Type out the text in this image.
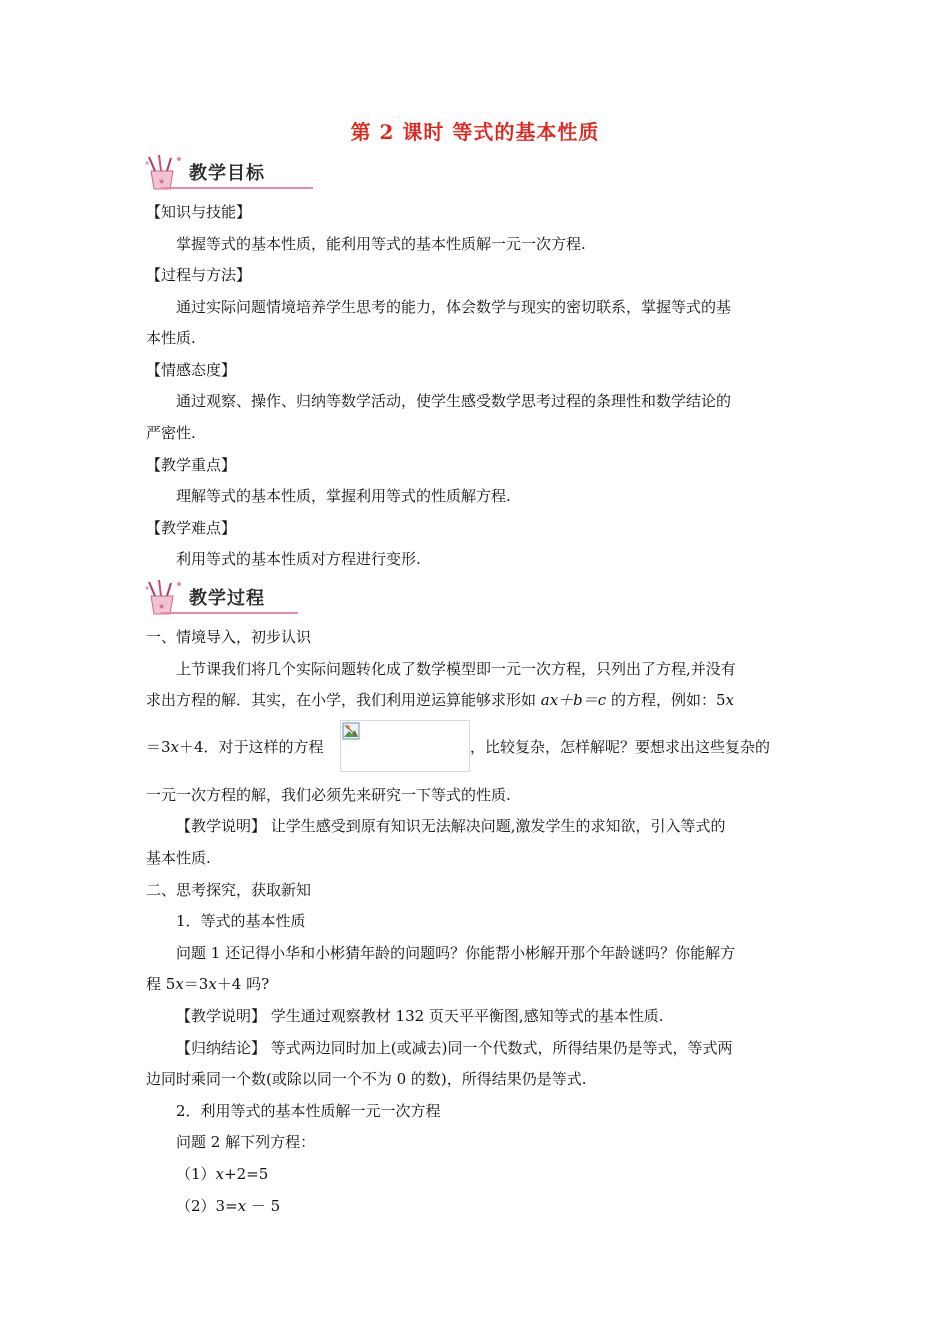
第 2 课时 等式的基本性质
★ 教学目标
【知识与技能】
掌握等式的基本性质，能利用等式的基本性质解一元一次方程.
【过程与方法】
通过实际问题情境培养学生思考的能力，体会数学与现实的密切联系，掌握等式的基
本性质.
【情感态度】
通过观察、操作、归纳等数学活动，使学生感受数学思考过程的条理性和数学结论的
严密性.
【教学重点】
理解等式的基本性质，掌握利用等式的性质解方程.
【教学难点】
利用等式的基本性质对方程进行变形.
★ 教学过程
一、情境导入，初步认识
上节课我们将几个实际问题转化成了数学模型即一元一次方程，只列出了方程,并没有
求出方程的解．其实，在小学，我们利用逆运算能够求形如 ax＋b＝c 的方程，例如：5x
＝3x＋4．对于这样的方程	，比较复杂，怎样解呢？要想求出这些复杂的
一元一次方程的解，我们必须先来研究一下等式的性质.
【教学说明】 让学生感受到原有知识无法解决问题,激发学生的求知欲，引入等式的
基本性质.
二、思考探究，获取新知
1．等式的基本性质
问题 1 还记得小华和小彬猜年龄的问题吗？你能帮小彬解开那个年龄谜吗？你能解方
程 5x＝3x＋4 吗?
【教学说明】 学生通过观察教材 132 页天平平衡图,感知等式的基本性质.
【归纳结论】 等式两边同时加上(或减去)同一个代数式，所得结果仍是等式，等式两
边同时乘同一个数(或除以同一个不为 0 的数)，所得结果仍是等式.
2．利用等式的基本性质解一元一次方程
问题 2 解下列方程：
（1）x+2=5
（2）3=x － 5
